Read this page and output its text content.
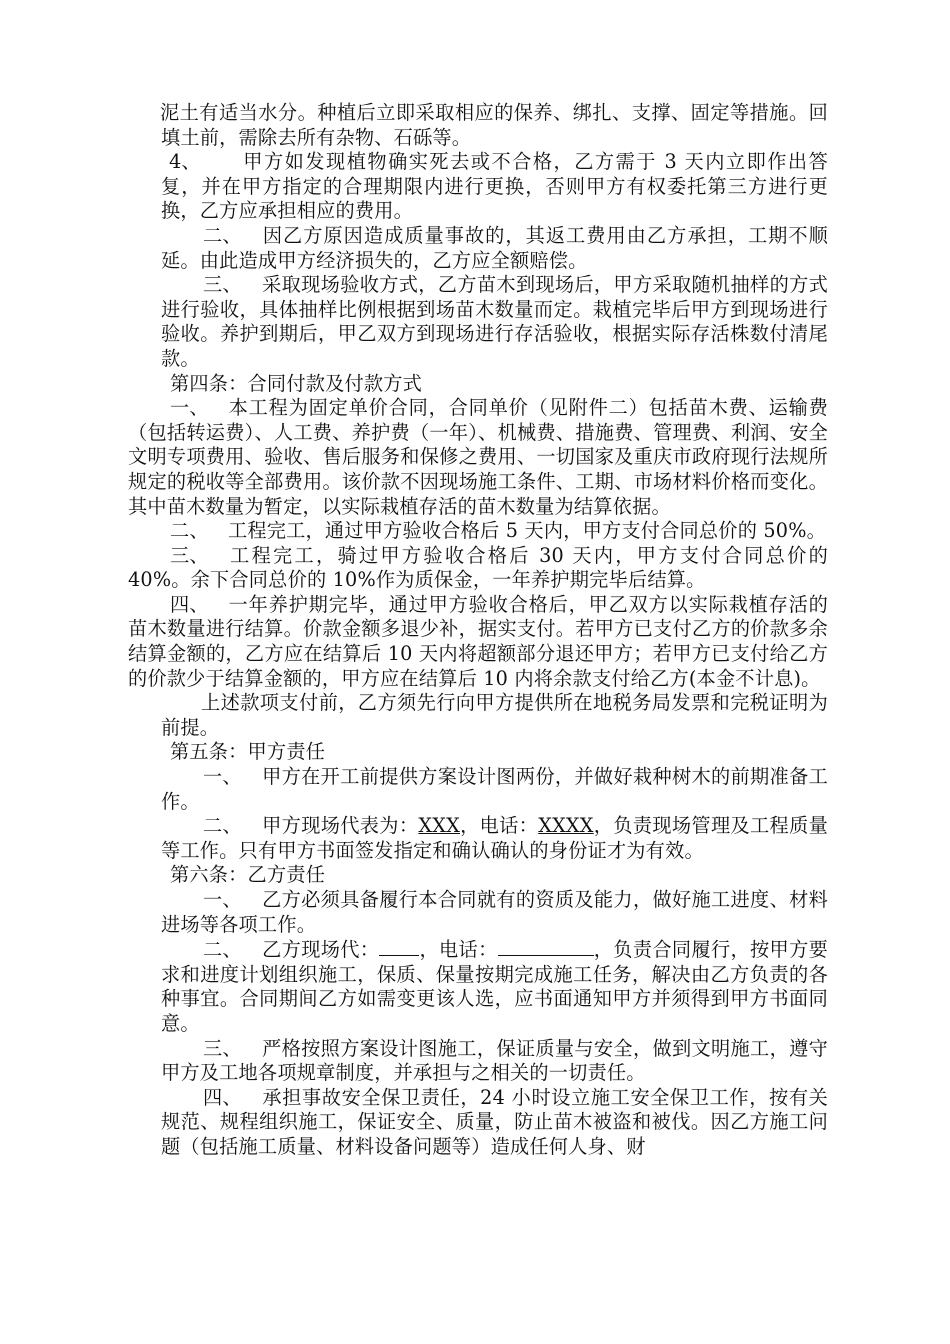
泥土有适当水分。种植后立即采取相应的保养、绑扎、支撑、固定等措施。回填土前，需除去所有杂物、石砾等。

4、 甲方如发现植物确实死去或不合格，乙方需于 3 天内立即作出答复，并在甲方指定的合理期限内进行更换，否则甲方有权委托第三方进行更换，乙方应承担相应的费用。

二、 因乙方原因造成质量事故的，其返工费用由乙方承担，工期不顺延。由此造成甲方经济损失的，乙方应全额赔偿。

三、 采取现场验收方式，乙方苗木到现场后，甲方采取随机抽样的方式进行验收，具体抽样比例根据到场苗木数量而定。栽植完毕后甲方到现场进行验收。养护到期后，甲乙双方到现场进行存活验收，根据实际存活株数付清尾款。

第四条：合同付款及付款方式

一、 本工程为固定单价合同，合同单价（见附件二）包括苗木费、运输费（包括转运费）、人工费、养护费（一年）、机械费、措施费、管理费、利润、安全文明专项费用、验收、售后服务和保修之费用、一切国家及重庆市政府现行法规所规定的税收等全部费用。该价款不因现场施工条件、工期、市场材料价格而变化。其中苗木数量为暂定，以实际栽植存活的苗木数量为结算依据。

二、 工程完工，通过甲方验收合格后 5 天内，甲方支付合同总价的 50%。

三、 工程完工，骑过甲方验收合格后 30 天内，甲方支付合同总价的 40%。余下合同总价的 10%作为质保金，一年养护期完毕后结算。

四、 一年养护期完毕，通过甲方验收合格后，甲乙双方以实际栽植存活的苗木数量进行结算。价款金额多退少补，据实支付。若甲方已支付乙方的价款多余结算金额的，乙方应在结算后 10 天内将超额部分退还甲方；若甲方已支付给乙方的价款少于结算金额的，甲方应在结算后 10 内将余款支付给乙方(本金不计息)。

上述款项支付前，乙方须先行向甲方提供所在地税务局发票和完税证明为前提。

第五条：甲方责任

一、 甲方在开工前提供方案设计图两份，并做好栽种树木的前期准备工作。

二、 甲方现场代表为：XXX，电话：XXXX，负责现场管理及工程质量等工作。只有甲方书面签发指定和确认确认的身份证才为有效。

第六条：乙方责任

一、 乙方必须具备履行本合同就有的资质及能力，做好施工进度、材料进场等各项工作。

二、 乙方现场代： ，电话：	，负责合同履行，按甲方要求和进度计划组织施工，保质、保量按期完成施工任务，解决由乙方负责的各种事宜。合同期间乙方如需变更该人选，应书面通知甲方并须得到甲方书面同意。

三、 严格按照方案设计图施工，保证质量与安全，做到文明施工，遵守甲方及工地各项规章制度，并承担与之相关的一切责任。

四、 承担事故安全保卫责任，24 小时设立施工安全保卫工作，按有关规范、规程组织施工，保证安全、质量，防止苗木被盗和被伐。因乙方施工问题（包括施工质量、材料设备问题等）造成任何人身、财
